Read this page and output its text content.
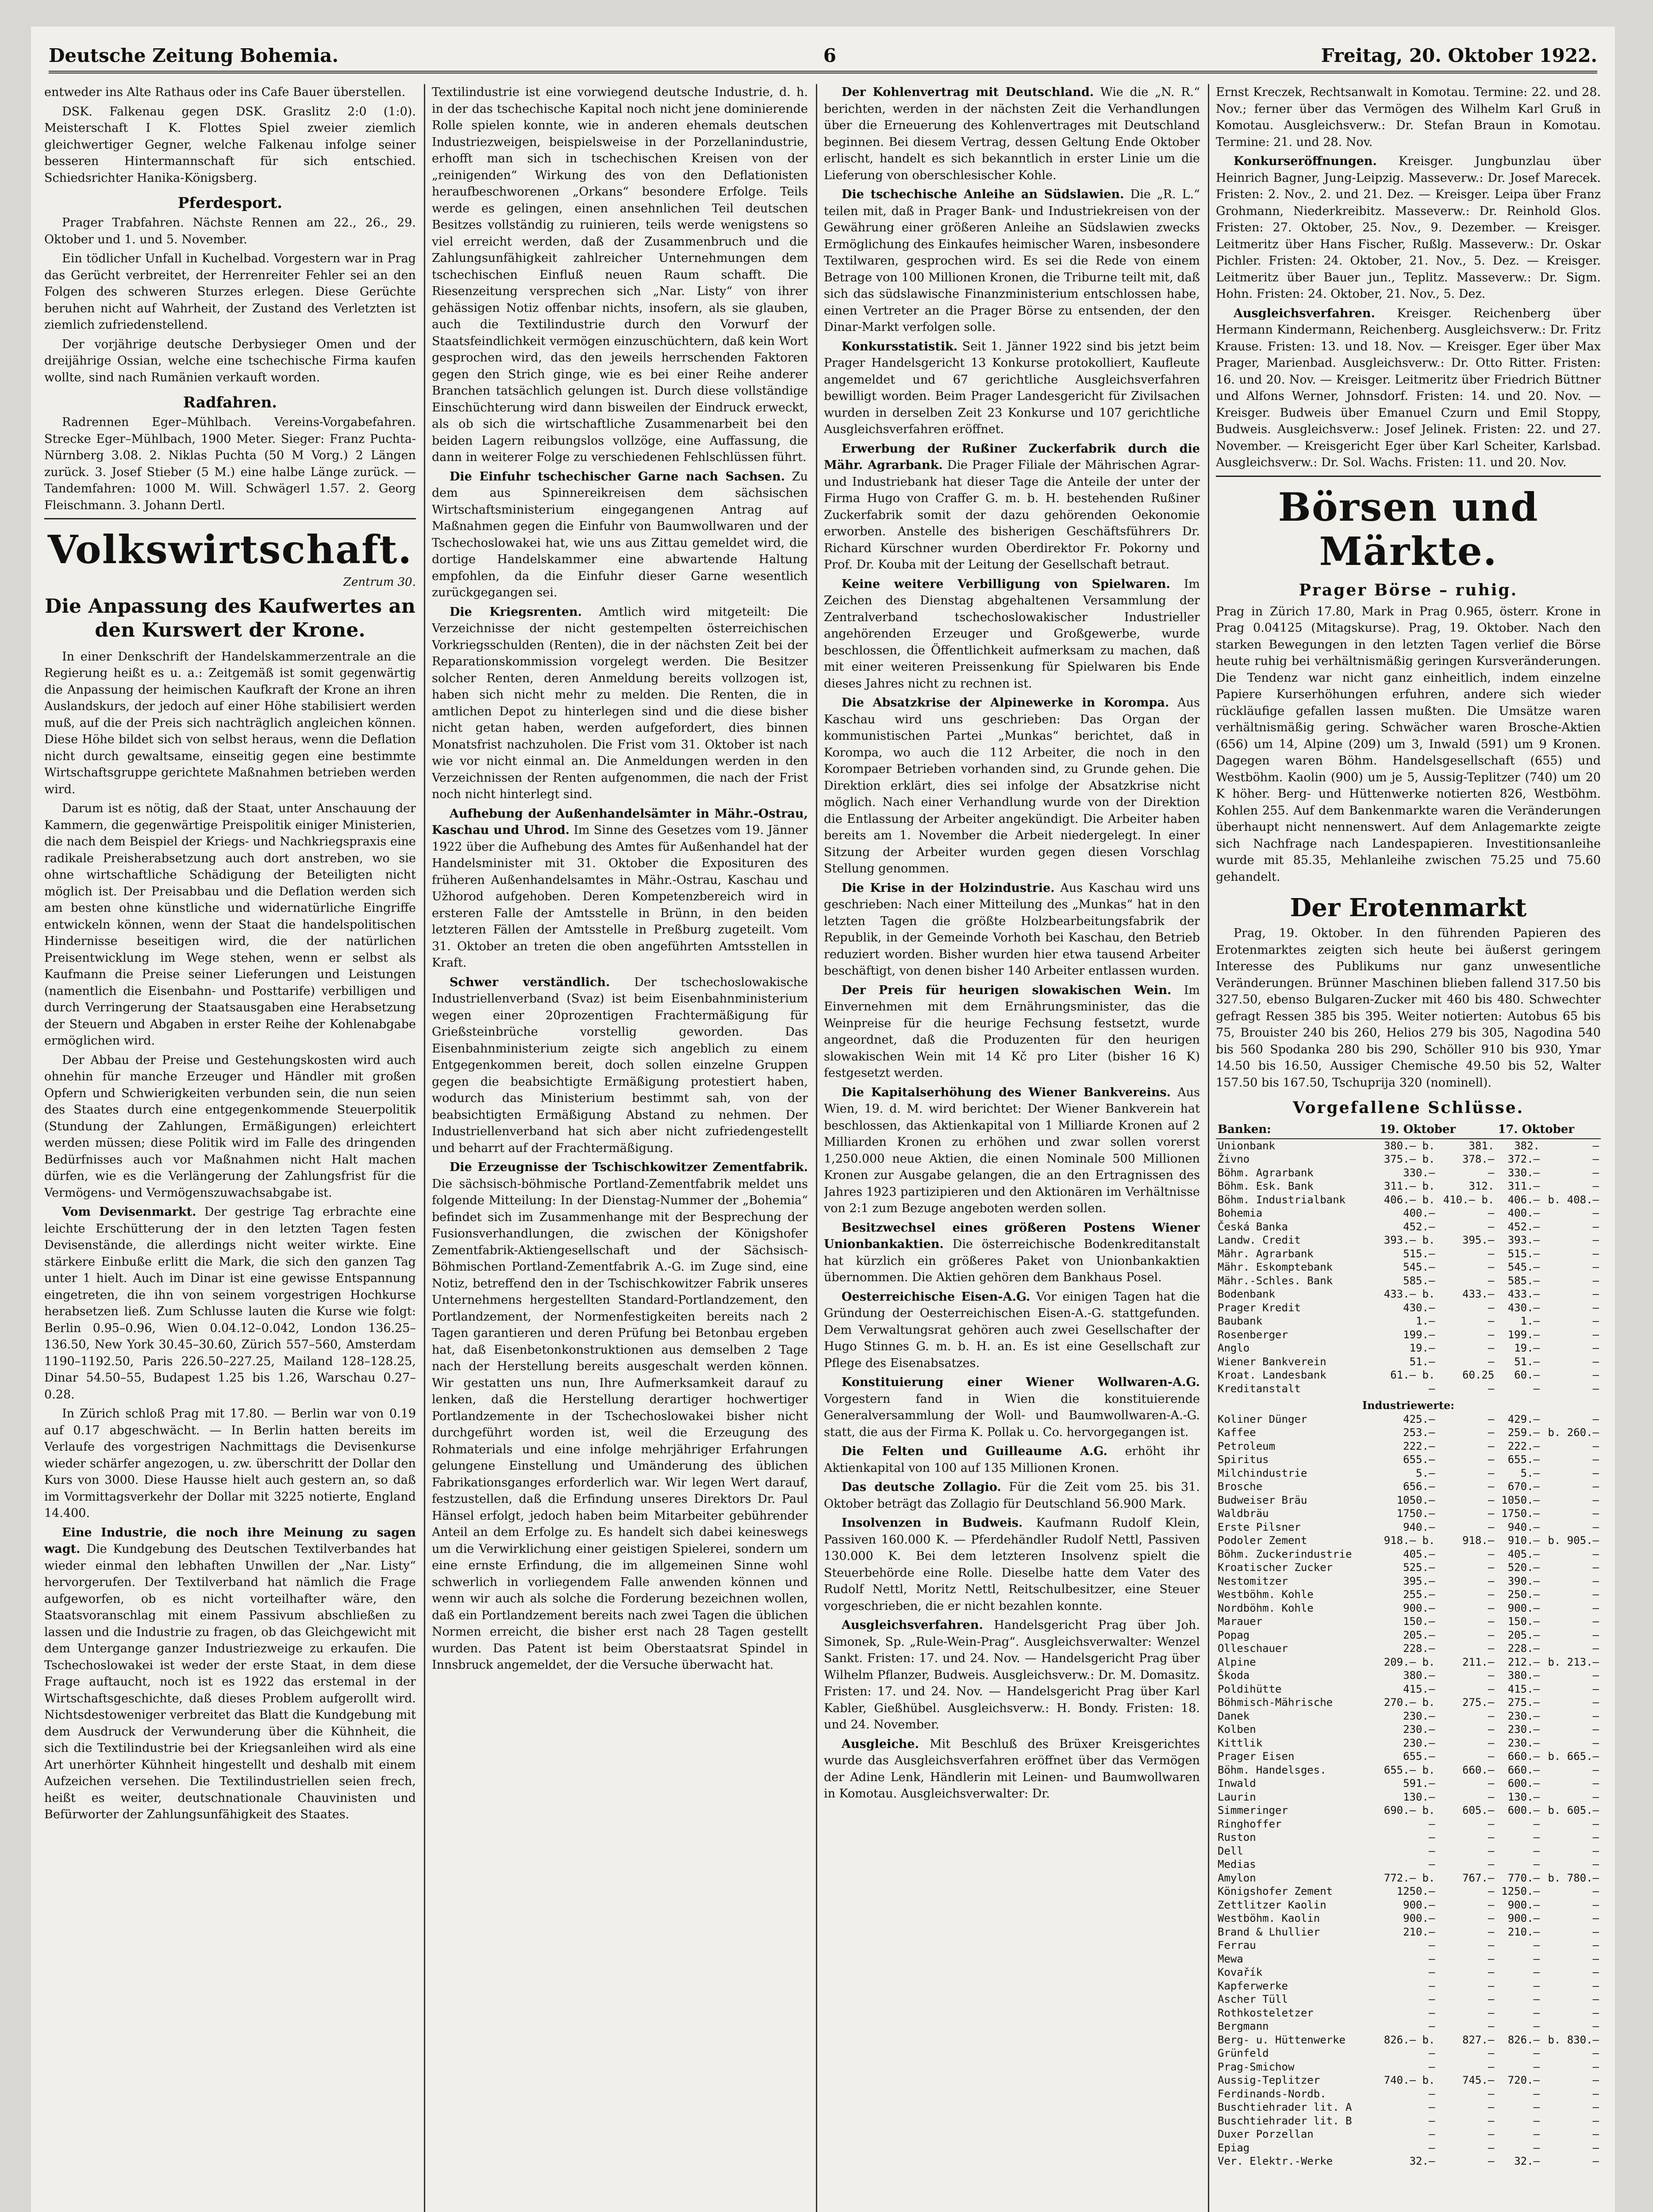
Deutsche Zeitung Bohemia.	6	Freitag, 20. Oktober 1922.

entweder ins Alte Rathaus oder ins Cafe Bauer überstellen.

DSK. Falkenau gegen DSK. Graslitz 2:0 (1:0). Meisterschaft I K. Flottes Spiel zweier ziemlich gleichwertiger Gegner, welche Falkenau infolge seiner besseren Hintermannschaft für sich entschied. Schiedsrichter Hanika-Königsberg.

Pferdesport.

Prager Trabfahren. Nächste Rennen am 22., 26., 29. Oktober und 1. und 5. November.

Ein tödlicher Unfall in Kuchelbad. Vorgestern war in Prag das Gerücht verbreitet, der Herrenreiter Fehler sei an den Folgen des schweren Sturzes erlegen. Diese Gerüchte beruhen nicht auf Wahrheit, der Zustand des Verletzten ist ziemlich zufriedenstellend.

Der vorjährige deutsche Derbysieger Omen und der dreijährige Ossian, welche eine tschechische Firma kaufen wollte, sind nach Rumänien verkauft worden.

Radfahren.

Radrennen Eger–Mühlbach. Vereins-Vorgabefahren. Strecke Eger–Mühlbach, 1900 Meter. Sieger: Franz Puchta-Nürnberg 3.08. 2. Niklas Puchta (50 M Vorg.) 2 Längen zurück. 3. Josef Stieber (5 M.) eine halbe Länge zurück. — Tandemfahren: 1000 M. Will. Schwägerl 1.57. 2. Georg Fleischmann. 3. Johann Dertl.

Volkswirtschaft.
Zentrum 30.
Die Anpassung des Kaufwertes an den Kurswert der Krone.

In einer Denkschrift der Handelskammerzentrale an die Regierung heißt es u. a.: Zeitgemäß ist somit gegenwärtig die Anpassung der heimischen Kaufkraft der Krone an ihren Auslandskurs, der jedoch auf einer Höhe stabilisiert werden muß, auf die der Preis sich nachträglich angleichen können. Diese Höhe bildet sich von selbst heraus, wenn die Deflation nicht durch gewaltsame, einseitig gegen eine bestimmte Wirtschaftsgruppe gerichtete Maßnahmen betrieben werden wird.

Darum ist es nötig, daß der Staat, unter Anschauung der Kammern, die gegenwärtige Preispolitik einiger Ministerien, die nach dem Beispiel der Kriegs- und Nachkriegspraxis eine radikale Preisherabsetzung auch dort anstreben, wo sie ohne wirtschaftliche Schädigung der Beteiligten nicht möglich ist. Der Preisabbau und die Deflation werden sich am besten ohne künstliche und widernatürliche Eingriffe entwickeln können, wenn der Staat die handelspolitischen Hindernisse beseitigen wird, die der natürlichen Preisentwicklung im Wege stehen, wenn er selbst als Kaufmann die Preise seiner Lieferungen und Leistungen (namentlich die Eisenbahn- und Posttarife) verbilligen und durch Verringerung der Staatsausgaben eine Herabsetzung der Steuern und Abgaben in erster Reihe der Kohlenabgabe ermöglichen wird.

Der Abbau der Preise und Gestehungskosten wird auch ohnehin für manche Erzeuger und Händler mit großen Opfern und Schwierigkeiten verbunden sein, die nun seien des Staates durch eine entgegenkommende Steuerpolitik (Stundung der Zahlungen, Ermäßigungen) erleichtert werden müssen; diese Politik wird im Falle des dringenden Bedürfnisses auch vor Maßnahmen nicht Halt machen dürfen, wie es die Verlängerung der Zahlungsfrist für die Vermögens- und Vermögenszuwachsabgabe ist.

Vom Devisenmarkt. Der gestrige Tag erbrachte eine leichte Erschütterung der in den letzten Tagen festen Devisenstände, die allerdings nicht weiter wirkte. Eine stärkere Einbuße erlitt die Mark, die sich den ganzen Tag unter 1 hielt. Auch im Dinar ist eine gewisse Entspannung eingetreten, die ihn von seinem vorgestrigen Hochkurse herabsetzen ließ. Zum Schlusse lauten die Kurse wie folgt: Berlin 0.95–0.96, Wien 0.04.12–0.042, London 136.25–136.50, New York 30.45–30.60, Zürich 557–560, Amsterdam 1190–1192.50, Paris 226.50–227.25, Mailand 128–128.25, Dinar 54.50–55, Budapest 1.25 bis 1.26, Warschau 0.27–0.28.

In Zürich schloß Prag mit 17.80. — Berlin war von 0.19 auf 0.17 abgeschwächt. — In Berlin hatten bereits im Verlaufe des vorgestrigen Nachmittags die Devisenkurse wieder schärfer angezogen, u. zw. überschritt der Dollar den Kurs von 3000. Diese Hausse hielt auch gestern an, so daß im Vormittagsverkehr der Dollar mit 3225 notierte, England 14.400.

Eine Industrie, die noch ihre Meinung zu sagen wagt. Die Kundgebung des Deutschen Textilverbandes hat wieder einmal den lebhaften Unwillen der „Nar. Listy“ hervorgerufen. Der Textilverband hat nämlich die Frage aufgeworfen, ob es nicht vorteilhafter wäre, den Staatsvoranschlag mit einem Passivum abschließen zu lassen und die Industrie zu fragen, ob das Gleichgewicht mit dem Untergange ganzer Industriezweige zu erkaufen. Die Tschechoslowakei ist weder der erste Staat, in dem diese Frage auftaucht, noch ist es 1922 das erstemal in der Wirtschaftsgeschichte, daß dieses Problem aufgerollt wird. Nichtsdestoweniger verbreitet das Blatt die Kundgebung mit dem Ausdruck der Verwunderung über die Kühnheit, die sich die Textilindustrie bei der Kriegsanleihen wird als eine Art unerhörter Kühnheit hingestellt und deshalb mit einem Aufzeichen versehen. Die Textilindustriellen seien frech, heißt es weiter, deutschnationale Chauvinisten und Befürworter der Zahlungsunfähigkeit des Staates.

Textilindustrie ist eine vorwiegend deutsche Industrie, d. h. in der das tschechische Kapital noch nicht jene dominierende Rolle spielen konnte, wie in anderen ehemals deutschen Industriezweigen, beispielsweise in der Porzellanindustrie, erhofft man sich in tschechischen Kreisen von der „reinigenden“ Wirkung des von den Deflationisten heraufbeschworenen „Orkans“ besondere Erfolge. Teils werde es gelingen, einen ansehnlichen Teil deutschen Besitzes vollständig zu ruinieren, teils werde wenigstens so viel erreicht werden, daß der Zusammenbruch und die Zahlungsunfähigkeit zahlreicher Unternehmungen dem tschechischen Einfluß neuen Raum schafft. Die Riesenzeitung versprechen sich „Nar. Listy“ von ihrer gehässigen Notiz offenbar nichts, insofern, als sie glauben, auch die Textilindustrie durch den Vorwurf der Staatsfeindlichkeit vermögen einzuschüchtern, daß kein Wort gesprochen wird, das den jeweils herrschenden Faktoren gegen den Strich ginge, wie es bei einer Reihe anderer Branchen tatsächlich gelungen ist. Durch diese vollständige Einschüchterung wird dann bisweilen der Eindruck erweckt, als ob sich die wirtschaftliche Zusammenarbeit bei den beiden Lagern reibungslos vollzöge, eine Auffassung, die dann in weiterer Folge zu verschiedenen Fehlschlüssen führt.

Die Einfuhr tschechischer Garne nach Sachsen. Zu dem aus Spinnereikreisen dem sächsischen Wirtschaftsministerium eingegangenen Antrag auf Maßnahmen gegen die Einfuhr von Baumwollwaren und der Tschechoslowakei hat, wie uns aus Zittau gemeldet wird, die dortige Handelskammer eine abwartende Haltung empfohlen, da die Einfuhr dieser Garne wesentlich zurückgegangen sei.

Die Kriegsrenten. Amtlich wird mitgeteilt: Die Verzeichnisse der nicht gestempelten österreichischen Vorkriegsschulden (Renten), die in der nächsten Zeit bei der Reparationskommission vorgelegt werden. Die Besitzer solcher Renten, deren Anmeldung bereits vollzogen ist, haben sich nicht mehr zu melden. Die Renten, die in amtlichen Depot zu hinterlegen sind und die diese bisher nicht getan haben, werden aufgefordert, dies binnen Monatsfrist nachzuholen. Die Frist vom 31. Oktober ist nach wie vor nicht einmal an. Die Anmeldungen werden in den Verzeichnissen der Renten aufgenommen, die nach der Frist noch nicht hinterlegt sind.

Aufhebung der Außenhandelsämter in Mähr.-Ostrau, Kaschau und Uhrod. Im Sinne des Gesetzes vom 19. Jänner 1922 über die Aufhebung des Amtes für Außenhandel hat der Handelsminister mit 31. Oktober die Exposituren des früheren Außenhandelsamtes in Mähr.-Ostrau, Kaschau und Užhorod aufgehoben. Deren Kompetenzbereich wird in ersteren Falle der Amtsstelle in Brünn, in den beiden letzteren Fällen der Amtsstelle in Preßburg zugeteilt. Vom 31. Oktober an treten die oben angeführten Amtsstellen in Kraft.

Schwer verständlich. Der tschechoslowakische Industriellenverband (Svaz) ist beim Eisenbahnministerium wegen einer 20prozentigen Frachtermäßigung für Grießsteinbrüche vorstellig geworden. Das Eisenbahnministerium zeigte sich angeblich zu einem Entgegenkommen bereit, doch sollen einzelne Gruppen gegen die beabsichtigte Ermäßigung protestiert haben, wodurch das Ministerium bestimmt sah, von der beabsichtigten Ermäßigung Abstand zu nehmen. Der Industriellenverband hat sich aber nicht zufriedengestellt und beharrt auf der Frachtermäßigung.

Die Erzeugnisse der Tschischkowitzer Zementfabrik. Die sächsisch-böhmische Portland-Zementfabrik meldet uns folgende Mitteilung: In der Dienstag-Nummer der „Bohemia“ befindet sich im Zusammenhange mit der Besprechung der Fusionsverhandlungen, die zwischen der Königshofer Zementfabrik-Aktiengesellschaft und der Sächsisch-Böhmischen Portland-Zementfabrik A.-G. im Zuge sind, eine Notiz, betreffend den in der Tschischkowitzer Fabrik unseres Unternehmens hergestellten Standard-Portlandzement, den Portlandzement, der Normenfestigkeiten bereits nach 2 Tagen garantieren und deren Prüfung bei Betonbau ergeben hat, daß Eisenbetonkonstruktionen aus demselben 2 Tage nach der Herstellung bereits ausgeschalt werden können. Wir gestatten uns nun, Ihre Aufmerksamkeit darauf zu lenken, daß die Herstellung derartiger hochwertiger Portlandzemente in der Tschechoslowakei bisher nicht durchgeführt worden ist, weil die Erzeugung des Rohmaterials und eine infolge mehrjähriger Erfahrungen gelungene Einstellung und Umänderung des üblichen Fabrikationsganges erforderlich war. Wir legen Wert darauf, festzustellen, daß die Erfindung unseres Direktors Dr. Paul Hänsel erfolgt, jedoch haben beim Mitarbeiter gebührender Anteil an dem Erfolge zu. Es handelt sich dabei keineswegs um die Verwirklichung einer geistigen Spielerei, sondern um eine ernste Erfindung, die im allgemeinen Sinne wohl schwerlich in vorliegendem Falle anwenden können und wenn wir auch als solche die Forderung bezeichnen wollen, daß ein Portlandzement bereits nach zwei Tagen die üblichen Normen erreicht, die bisher erst nach 28 Tagen gestellt wurden. Das Patent ist beim Oberstaatsrat Spindel in Innsbruck angemeldet, der die Versuche überwacht hat.

Der Kohlenvertrag mit Deutschland. Wie die „N. R.“ berichten, werden in der nächsten Zeit die Verhandlungen über die Erneuerung des Kohlenvertrages mit Deutschland beginnen. Bei diesem Vertrag, dessen Geltung Ende Oktober erlischt, handelt es sich bekanntlich in erster Linie um die Lieferung von oberschlesischer Kohle.

Die tschechische Anleihe an Südslawien. Die „R. L.“ teilen mit, daß in Prager Bank- und Industriekreisen von der Gewährung einer größeren Anleihe an Südslawien zwecks Ermöglichung des Einkaufes heimischer Waren, insbesondere Textilwaren, gesprochen wird. Es sei die Rede von einem Betrage von 100 Millionen Kronen, die Triburne teilt mit, daß sich das südslawische Finanzministerium entschlossen habe, einen Vertreter an die Prager Börse zu entsenden, der den Dinar-Markt verfolgen solle.

Konkursstatistik. Seit 1. Jänner 1922 sind bis jetzt beim Prager Handelsgericht 13 Konkurse protokolliert, Kaufleute angemeldet und 67 gerichtliche Ausgleichsverfahren bewilligt worden. Beim Prager Landesgericht für Zivilsachen wurden in derselben Zeit 23 Konkurse und 107 gerichtliche Ausgleichsverfahren eröffnet.

Erwerbung der Rußiner Zuckerfabrik durch die Mähr. Agrarbank. Die Prager Filiale der Mährischen Agrar- und Industriebank hat dieser Tage die Anteile der unter der Firma Hugo von Craffer G. m. b. H. bestehenden Rußiner Zuckerfabrik somit der dazu gehörenden Oekonomie erworben. Anstelle des bisherigen Geschäftsführers Dr. Richard Kürschner wurden Oberdirektor Fr. Pokorny und Prof. Dr. Kouba mit der Leitung der Gesellschaft betraut.

Keine weitere Verbilligung von Spielwaren. Im Zeichen des Dienstag abgehaltenen Versammlung der Zentralverband tschechoslowakischer Industrieller angehörenden Erzeuger und Großgewerbe, wurde beschlossen, die Öffentlichkeit aufmerksam zu machen, daß mit einer weiteren Preissenkung für Spielwaren bis Ende dieses Jahres nicht zu rechnen ist.

Die Absatzkrise der Alpinewerke in Korompa. Aus Kaschau wird uns geschrieben: Das Organ der kommunistischen Partei „Munkas“ berichtet, daß in Korompa, wo auch die 112 Arbeiter, die noch in den Korompaer Betrieben vorhanden sind, zu Grunde gehen. Die Direktion erklärt, dies sei infolge der Absatzkrise nicht möglich. Nach einer Verhandlung wurde von der Direktion die Entlassung der Arbeiter angekündigt. Die Arbeiter haben bereits am 1. November die Arbeit niedergelegt. In einer Sitzung der Arbeiter wurden gegen diesen Vorschlag Stellung genommen.

Die Krise in der Holzindustrie. Aus Kaschau wird uns geschrieben: Nach einer Mitteilung des „Munkas“ hat in den letzten Tagen die größte Holzbearbeitungsfabrik der Republik, in der Gemeinde Vorhoth bei Kaschau, den Betrieb reduziert worden. Bisher wurden hier etwa tausend Arbeiter beschäftigt, von denen bisher 140 Arbeiter entlassen wurden.

Der Preis für heurigen slowakischen Wein. Im Einvernehmen mit dem Ernährungsminister, das die Weinpreise für die heurige Fechsung festsetzt, wurde angeordnet, daß die Produzenten für den heurigen slowakischen Wein mit 14 Kč pro Liter (bisher 16 K) festgesetzt werden.

Die Kapitalserhöhung des Wiener Bankvereins. Aus Wien, 19. d. M. wird berichtet: Der Wiener Bankverein hat beschlossen, das Aktienkapital von 1 Milliarde Kronen auf 2 Milliarden Kronen zu erhöhen und zwar sollen vorerst 1,250.000 neue Aktien, die einen Nominale 500 Millionen Kronen zur Ausgabe gelangen, die an den Ertragnissen des Jahres 1923 partizipieren und den Aktionären im Verhältnisse von 2:1 zum Bezuge angeboten werden sollen.

Besitzwechsel eines größeren Postens Wiener Unionbankaktien. Die österreichische Bodenkreditanstalt hat kürzlich ein größeres Paket von Unionbankaktien übernommen. Die Aktien gehören dem Bankhaus Posel.

Oesterreichische Eisen-A.G. Vor einigen Tagen hat die Gründung der Oesterreichischen Eisen-A.-G. stattgefunden. Dem Verwaltungsrat gehören auch zwei Gesellschafter der Hugo Stinnes G. m. b. H. an. Es ist eine Gesellschaft zur Pflege des Eisenabsatzes.

Konstituierung einer Wiener Wollwaren-A.G. Vorgestern fand in Wien die konstituierende Generalversammlung der Woll- und Baumwollwaren-A.-G. statt, die aus der Firma K. Pollak u. Co. hervorgegangen ist.

Die Felten und Guilleaume A.G. erhöht ihr Aktienkapital von 100 auf 135 Millionen Kronen.

Das deutsche Zollagio. Für die Zeit vom 25. bis 31. Oktober beträgt das Zollagio für Deutschland 56.900 Mark.

Insolvenzen in Budweis. Kaufmann Rudolf Klein, Passiven 160.000 K. — Pferdehändler Rudolf Nettl, Passiven 130.000 K. Bei dem letzteren Insolvenz spielt die Steuerbehörde eine Rolle. Dieselbe hatte dem Vater des Rudolf Nettl, Moritz Nettl, Reitschulbesitzer, eine Steuer vorgeschrieben, die er nicht bezahlen konnte.

Ausgleichsverfahren. Handelsgericht Prag über Joh. Simonek, Sp. „Rule-Wein-Prag“. Ausgleichsverwalter: Wenzel Sankt. Fristen: 17. und 24. Nov. — Handelsgericht Prag über Wilhelm Pflanzer, Budweis. Ausgleichsverw.: Dr. M. Domasitz. Fristen: 17. und 24. Nov. — Handelsgericht Prag über Karl Kabler, Gießhübel. Ausgleichsverw.: H. Bondy. Fristen: 18. und 24. November.

Ausgleiche. Mit Beschluß des Brüxer Kreisgerichtes wurde das Ausgleichsverfahren eröffnet über das Vermögen der Adine Lenk, Händlerin mit Leinen- und Baumwollwaren in Komotau. Ausgleichsverwalter: Dr.

Ernst Kreczek, Rechtsanwalt in Komotau. Termine: 22. und 28. Nov.; ferner über das Vermögen des Wilhelm Karl Gruß in Komotau. Ausgleichsverw.: Dr. Stefan Braun in Komotau. Termine: 21. und 28. Nov.

Konkurseröffnungen. Kreisger. Jungbunzlau über Heinrich Bagner, Jung-Leipzig. Masseverw.: Dr. Josef Marecek. Fristen: 2. Nov., 2. und 21. Dez. — Kreisger. Leipa über Franz Grohmann, Niederkreibitz. Masseverw.: Dr. Reinhold Glos. Fristen: 27. Oktober, 25. Nov., 9. Dezember. — Kreisger. Leitmeritz über Hans Fischer, Rußlg. Masseverw.: Dr. Oskar Pichler. Fristen: 24. Oktober, 21. Nov., 5. Dez. — Kreisger. Leitmeritz über Bauer jun., Teplitz. Masseverw.: Dr. Sigm. Hohn. Fristen: 24. Oktober, 21. Nov., 5. Dez.

Ausgleichsverfahren. Kreisger. Reichenberg über Hermann Kindermann, Reichenberg. Ausgleichsverw.: Dr. Fritz Krause. Fristen: 13. und 18. Nov. — Kreisger. Eger über Max Prager, Marienbad. Ausgleichsverw.: Dr. Otto Ritter. Fristen: 16. und 20. Nov. — Kreisger. Leitmeritz über Friedrich Büttner und Alfons Werner, Johnsdorf. Fristen: 14. und 20. Nov. — Kreisger. Budweis über Emanuel Czurn und Emil Stoppy, Budweis. Ausgleichsverw.: Josef Jelinek. Fristen: 22. und 27. November. — Kreisgericht Eger über Karl Scheiter, Karlsbad. Ausgleichsverw.: Dr. Sol. Wachs. Fristen: 11. und 20. Nov.

Börsen und Märkte.
Prager Börse – ruhig.

Prag in Zürich 17.80, Mark in Prag 0.965, österr. Krone in Prag 0.04125 (Mitagskurse). Prag, 19. Oktober. Nach den starken Bewegungen in den letzten Tagen verlief die Börse heute ruhig bei verhältnismäßig geringen Kursveränderungen. Die Tendenz war nicht ganz einheitlich, indem einzelne Papiere Kurserhöhungen erfuhren, andere sich wieder rückläufige gefallen lassen mußten. Die Umsätze waren verhältnismäßig gering. Schwächer waren Brosche-Aktien (656) um 14, Alpine (209) um 3, Inwald (591) um 9 Kronen. Dagegen waren Böhm. Handelsgesellschaft (655) und Westböhm. Kaolin (900) um je 5, Aussig-Teplitzer (740) um 20 K höher. Berg- und Hüttenwerke notierten 826, Westböhm. Kohlen 255. Auf dem Bankenmarkte waren die Veränderungen überhaupt nicht nennenswert. Auf dem Anlagemarkte zeigte sich Nachfrage nach Landespapieren. Investitionsanleihe wurde mit 85.35, Mehlanleihe zwischen 75.25 und 75.60 gehandelt.

Der Erotenmarkt

Prag, 19. Oktober. In den führenden Papieren des Erotenmarktes zeigten sich heute bei äußerst geringem Interesse des Publikums nur ganz unwesentliche Veränderungen. Brünner Maschinen blieben fallend 317.50 bis 327.50, ebenso Bulgaren-Zucker mit 460 bis 480. Schwechter gefragt Ressen 385 bis 395. Weiter notierten: Autobus 65 bis 75, Brouister 240 bis 260, Helios 279 bis 305, Nagodina 540 bis 560 Spodanka 280 bis 290, Schöller 910 bis 930, Ymar 14.50 bis 16.50, Aussiger Chemische 49.50 bis 52, Walter 157.50 bis 167.50, Tschuprija 320 (nominell).

Vorgefallene Schlüsse.
Banken:	19. Oktober		17. Oktober	
Unionbank	380.— b.	381.	382.	—
Živno	375.— b.	378.—	372.—	—
Böhm. Agrarbank	330.—	—	330.—	—
Böhm. Esk. Bank	311.— b.	312.	311.—	—
Böhm. Industrialbank	406.— b.	410.— b.	406.—	b. 408.—
Bohemia	400.—	—	400.—	—
Česká Banka	452.—	—	452.—	—
Landw. Credit	393.— b.	395.—	393.—	—
Mähr. Agrarbank	515.—	—	515.—	—
Mähr. Eskomptebank	545.—	—	545.—	—
Mähr.-Schles. Bank	585.—	—	585.—	—
Bodenbank	433.— b.	433.—	433.—	—
Prager Kredit	430.—	—	430.—	—
Baubank	1.—	—	1.—	—
Rosenberger	199.—	—	199.—	—
Anglo	19.—	—	19.—	—
Wiener Bankverein	51.—	—	51.—	—
Kroat. Landesbank	61.— b.	60.25	60.—	—
Kreditanstalt	—	—	—	—
Industriewerte:				
Koliner Dünger	425.—	—	429.—	—
Kaffee	253.—	—	259.—	b. 260.—
Petroleum	222.—	—	222.—	—
Spiritus	655.—	—	655.—	—
Milchindustrie	5.—	—	5.—	—
Brosche	656.—	—	670.—	—
Budweiser Bräu	1050.—	—	1050.—	—
Waldbräu	1750.—	—	1750.—	—
Erste Pilsner	940.—	—	940.—	—
Podoler Zement	918.— b.	918.—	910.—	b. 905.—
Böhm. Zuckerindustrie	405.—	—	405.—	—
Kroatischer Zucker	525.—	—	520.—	—
Nestomitzer	395.—	—	390.—	—
Westböhm. Kohle	255.—	—	250.—	—
Nordböhm. Kohle	900.—	—	900.—	—
Marauer	150.—	—	150.—	—
Popag	205.—	—	205.—	—
Olleschauer	228.—	—	228.—	—
Alpine	209.— b.	211.—	212.—	b. 213.—
Škoda	380.—	—	380.—	—
Poldihütte	415.—	—	415.—	—
Böhmisch-Mährische	270.— b.	275.—	275.—	—
Danek	230.—	—	230.—	—
Kolben	230.—	—	230.—	—
Kittlik	230.—	—	230.—	—
Prager Eisen	655.—	—	660.—	b. 665.—
Böhm. Handelsges.	655.— b.	660.—	660.—	—
Inwald	591.—	—	600.—	—
Laurin	130.—	—	130.—	—
Simmeringer	690.— b.	605.—	600.—	b. 605.—
Ringhoffer	—	—	—	—
Ruston	—	—	—	—
Dell	—	—	—	—
Medias	—	—	—	—
Amylon	772.— b.	767.—	770.—	b. 780.—
Königshofer Zement	1250.—	—	1250.—	—
Zettlitzer Kaolin	900.—	—	900.—	—
Westböhm. Kaolin	900.—	—	900.—	—
Brand & Lhullier	210.—	—	210.—	—
Ferrau	—	—	—	—
Mewa	—	—	—	—
Kovařík	—	—	—	—
Kapferwerke	—	—	—	—
Ascher Tüll	—	—	—	—
Rothkosteletzer	—	—	—	—
Bergmann	—	—	—	—
Berg- u. Hüttenwerke	826.— b.	827.—	826.—	b. 830.—
Grünfeld	—	—	—	—
Prag-Smichow	—	—	—	—
Aussig-Teplitzer	740.— b.	745.—	720.—	—
Ferdinands-Nordb.	—	—	—	—
Buschtiehrader lit. A	—	—	—	—
Buschtiehrader lit. B	—	—	—	—
Duxer Porzellan	—	—	—	—
Epiag	—	—	—	—
Ver. Elektr.-Werke	32.—	—	32.—	—
